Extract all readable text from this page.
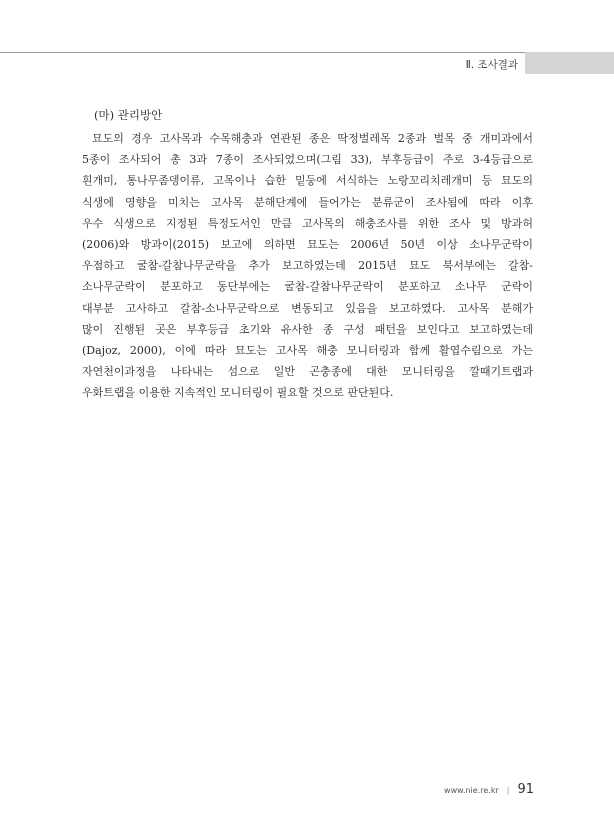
Ⅱ. 조사결과
(마) 관리방안
묘도의 경우 고사목과 수목해충과 연관된 종은 딱정벌레목 2종과 벌목 중 개미과에서
5종이 조사되어 총 3과 7종이 조사되었으며(그림 33), 부후등급이 주로 3-4등급으로
흰개미, 통나무좀뎅이류, 고목이나 습한 밑둥에 서식하는 노랑꼬리치레개미 등 묘도의
식생에 영향을 미치는 고사목 분해단계에 들어가는 분류군이 조사됨에 따라 이후
우수 식생으로 지정된 특정도서인 만큼 고사목의 해충조사를 위한 조사 및 방과허
(2006)와 방과이(2015) 보고에 의하면 묘도는 2006년 50년 이상 소나무군락이
우점하고 굴참-갈참나무군락을 추가 보고하였는데 2015년 묘도 북서부에는 갈참-
소나무군락이 분포하고 동단부에는 굴참-갈참나무군락이 분포하고 소나무 군락이
대부분 고사하고 갈참-소나무군락으로 변동되고 있음을 보고하였다. 고사목 분해가
많이 진행된 곳은 부후등급 초기와 유사한 종 구성 패턴을 보인다고 보고하였는데
(Dajoz, 2000), 이에 따라 묘도는 고사목 해충 모니터링과 함께 활엽수림으로 가는
자연천이과정을 나타내는 섬으로 일반 곤충종에 대한 모니터링을 깔때기트랩과
우화트랩을 이용한 지속적인 모니터링이 필요할 것으로 판단된다.
www.nie.re.kr | 91
